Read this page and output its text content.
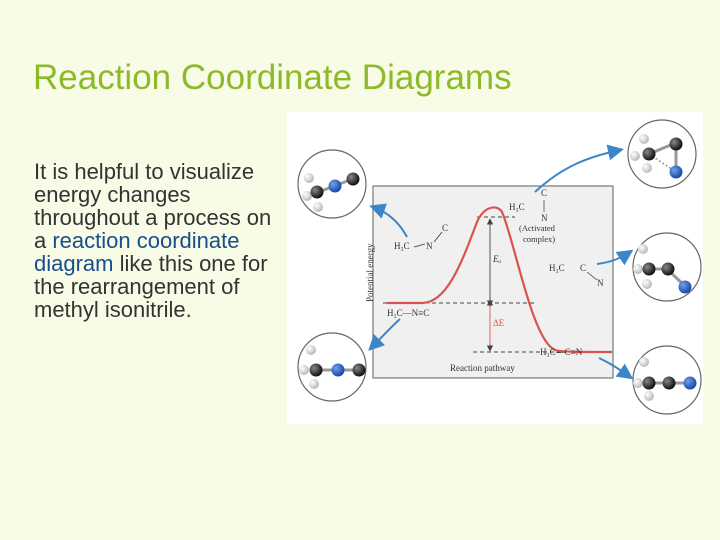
Reaction Coordinate Diagrams
It is helpful to visualize energy changes throughout a process on a reaction coordinate diagram like this one for the rearrangement of methyl isonitrile.
Potential energy
Reaction pathway
Eₐ
ΔE
H₃C N
C
H₃C—N≡C
H₃C
C
N
(Activated
complex)
H₃C C
N
H₃C—C≡N
